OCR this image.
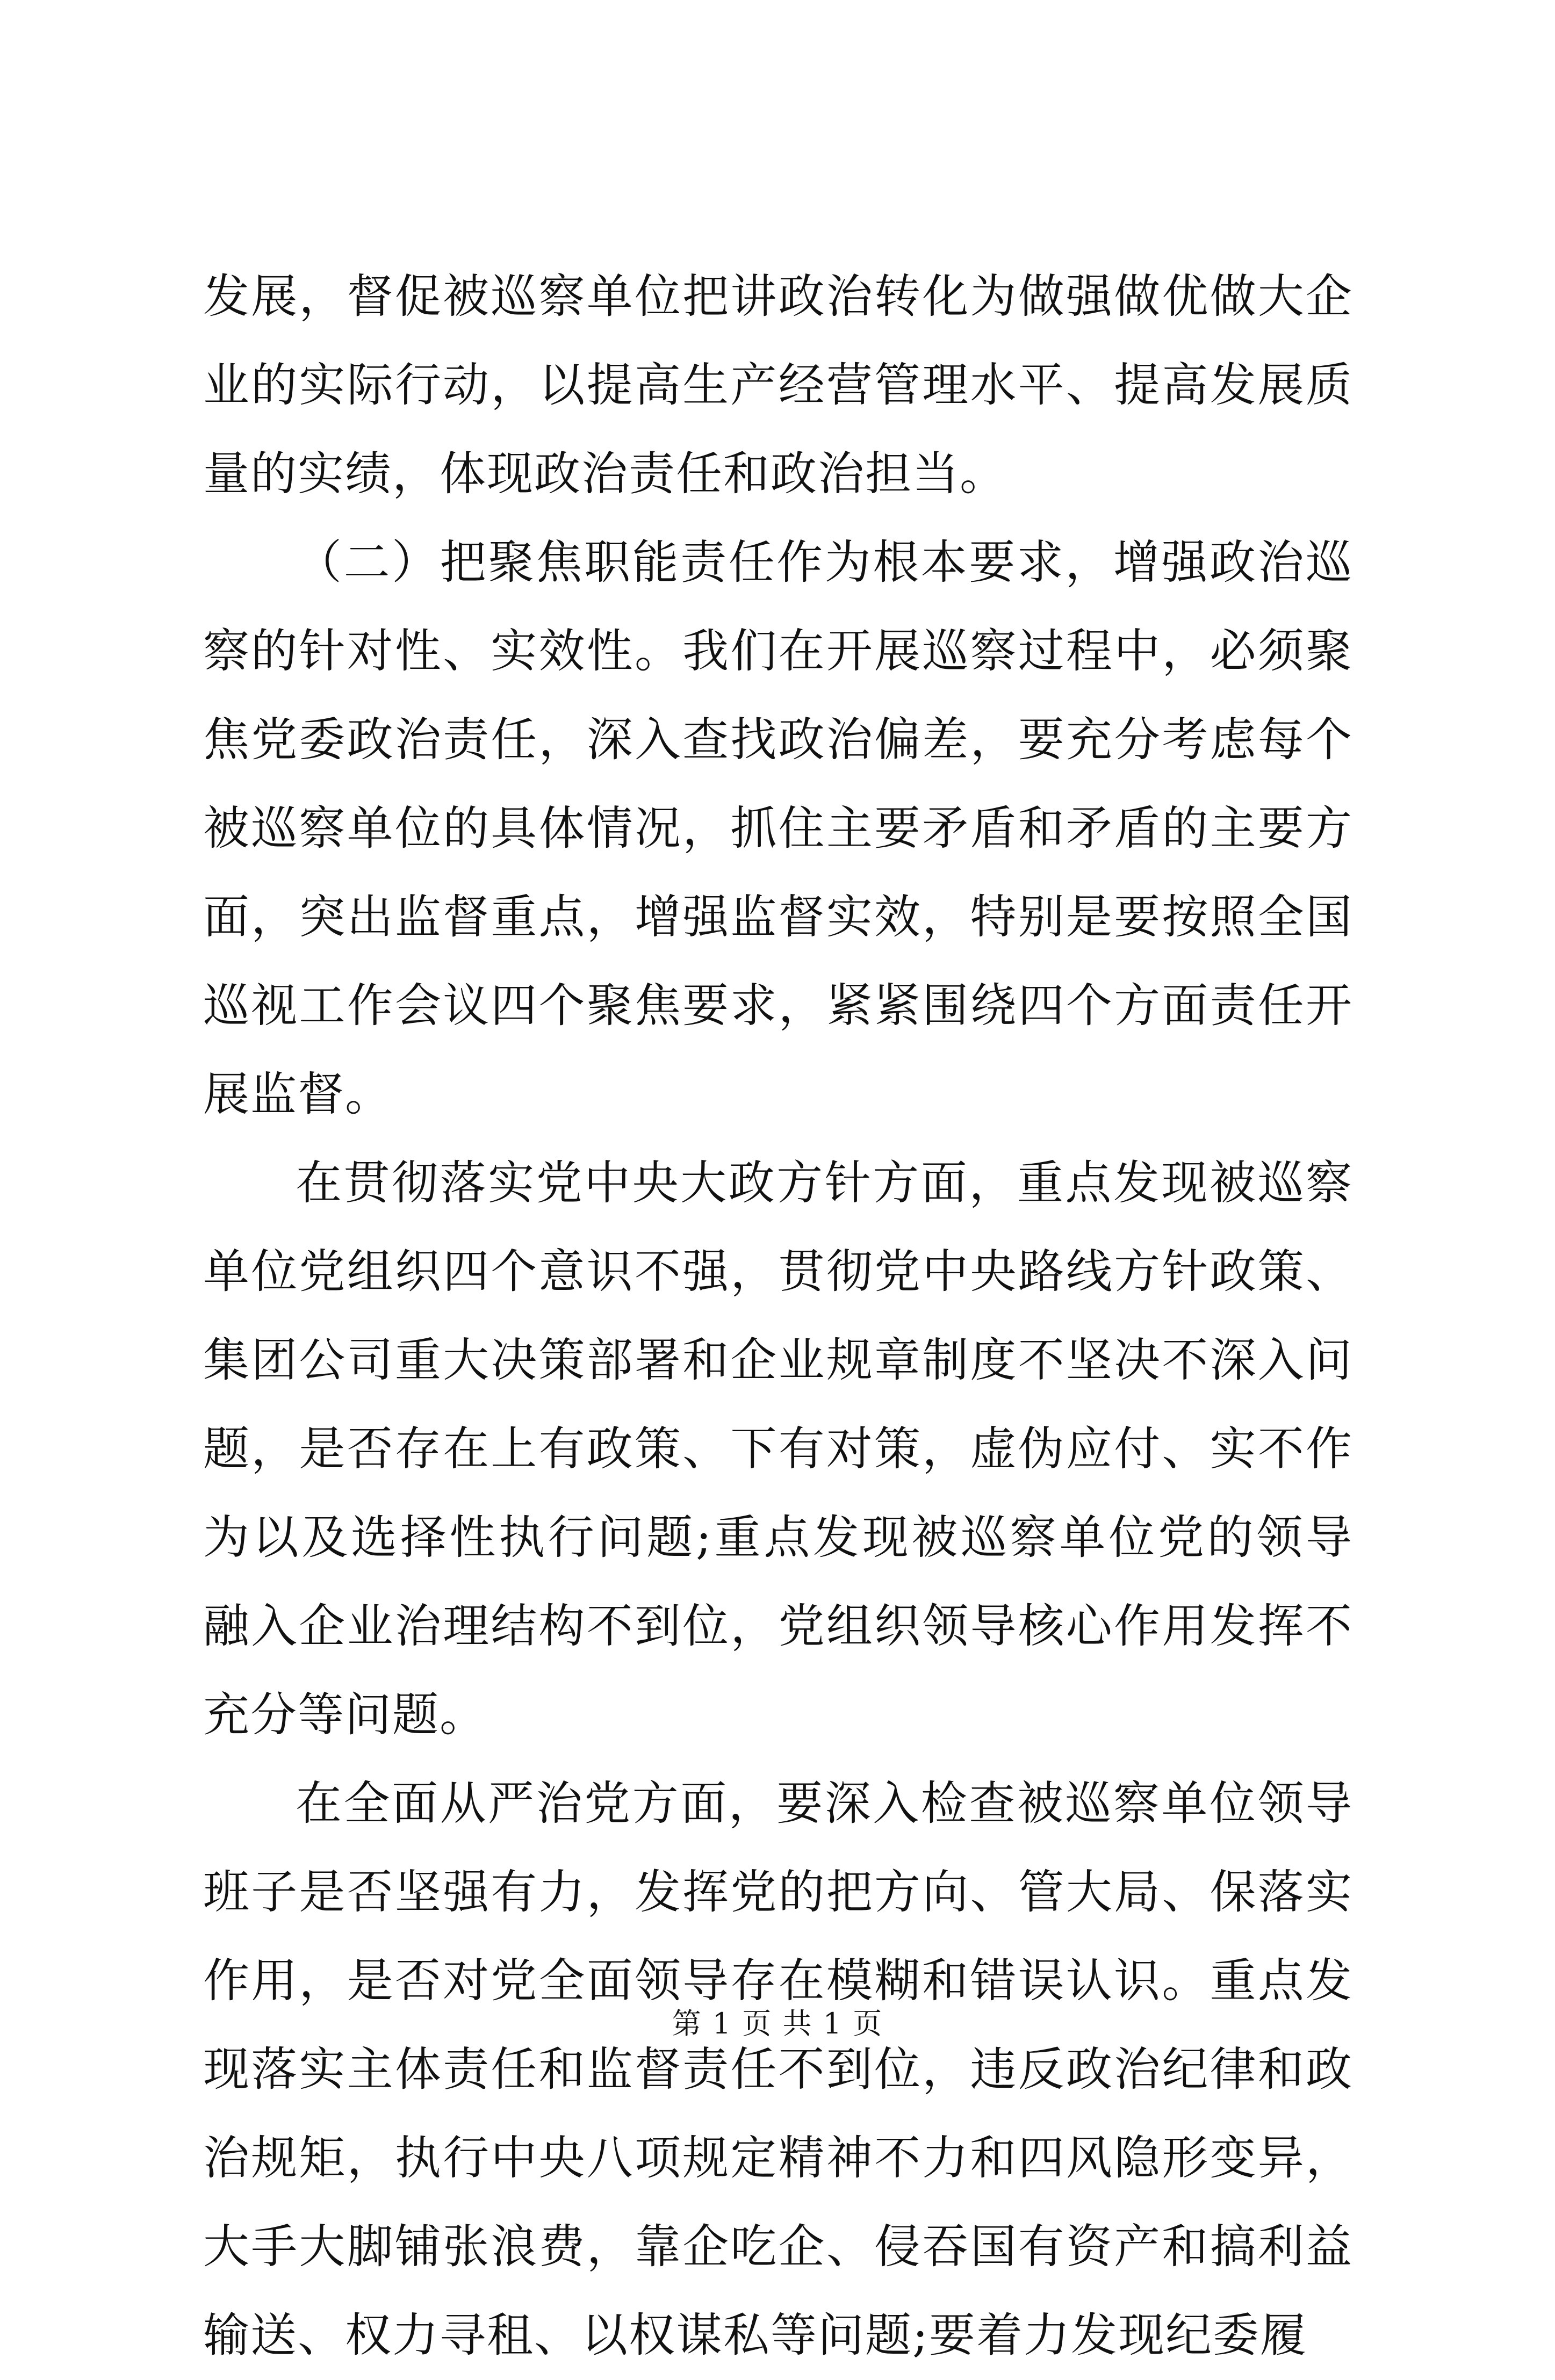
发展，督促被巡察单位把讲政治转化为做强做优做大企业的实际行动，以提高生产经营管理水平、提高发展质量的实绩，体现政治责任和政治担当。

（二）把聚焦职能责任作为根本要求，增强政治巡察的针对性、实效性。我们在开展巡察过程中，必须聚焦党委政治责任，深入查找政治偏差，要充分考虑每个被巡察单位的具体情况，抓住主要矛盾和矛盾的主要方面，突出监督重点，增强监督实效，特别是要按照全国巡视工作会议四个聚焦要求，紧紧围绕四个方面责任开展监督。

在贯彻落实党中央大政方针方面，重点发现被巡察单位党组织四个意识不强，贯彻党中央路线方针政策、集团公司重大决策部署和企业规章制度不坚决不深入问题，是否存在上有政策、下有对策，虚伪应付、实不作为以及选择性执行问题;重点发现被巡察单位党的领导融入企业治理结构不到位，党组织领导核心作用发挥不充分等问题。

在全面从严治党方面，要深入检查被巡察单位领导班子是否坚强有力，发挥党的把方向、管大局、保落实作用，是否对党全面领导存在模糊和错误认识。重点发现落实主体责任和监督责任不到位，违反政治纪律和政治规矩，执行中央八项规定精神不力和四风隐形变异，大手大脚铺张浪费，靠企吃企、侵吞国有资产和搞利益输送、权力寻租、以权谋私等问题;要着力发现纪委履

第 1 页 共 1 页
